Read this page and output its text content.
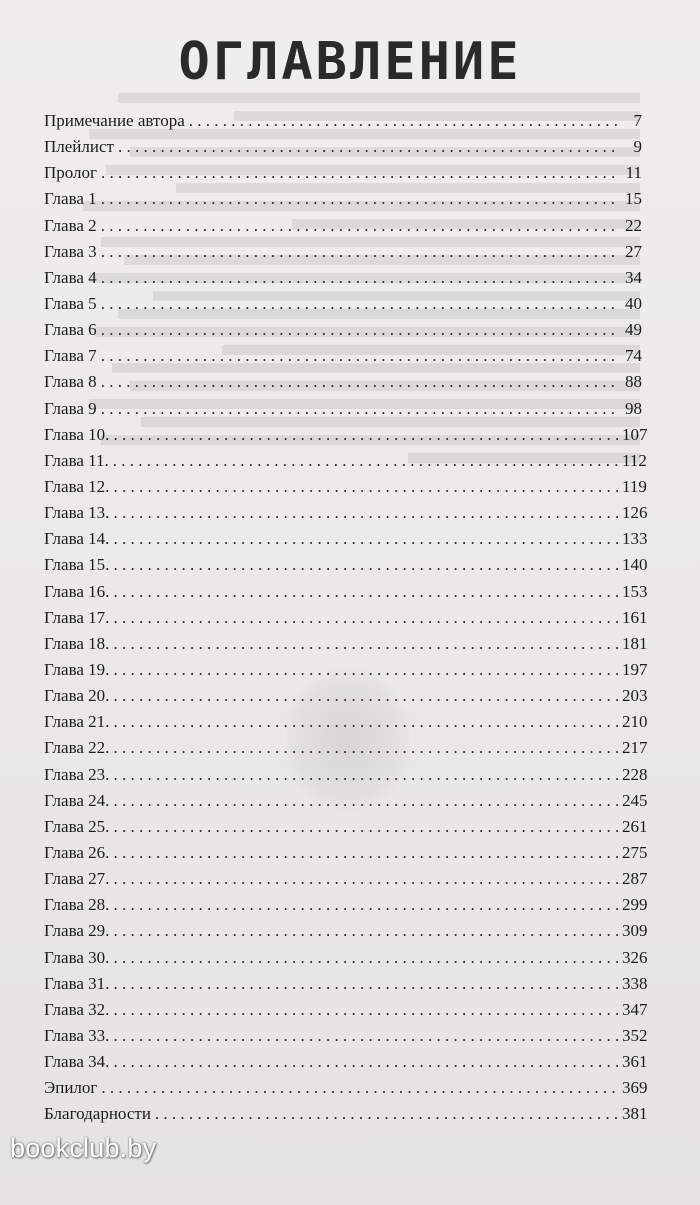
ОГЛАВЛЕНИЕ
Примечание автора . . .	7
Плейлист . . .	9
Пролог . . .	11
Глава 1 . . .	15
Глава 2 . . .	22
Глава 3 . . .	27
Глава 4 . . .	34
Глава 5 . . .	40
Глава 6 . . .	49
Глава 7 . . .	74
Глава 8 . . .	88
Глава 9 . . .	98
Глава 10. . . .	107
Глава 11. . . .	112
Глава 12. . . .	119
Глава 13. . . .	126
Глава 14. . . .	133
Глава 15. . . .	140
Глава 16. . . .	153
Глава 17. . . .	161
Глава 18. . . .	181
Глава 19. . . .	197
Глава 20. . . .	203
Глава 21. . . .	210
Глава 22. . . .	217
Глава 23. . . .	228
Глава 24. . . .	245
Глава 25. . . .	261
Глава 26. . . .	275
Глава 27. . . .	287
Глава 28. . . .	299
Глава 29. . . .	309
Глава 30. . . .	326
Глава 31. . . .	338
Глава 32. . . .	347
Глава 33. . . .	352
Глава 34. . . .	361
Эпилог . . .	369
Благодарности . . .	381
bookclub.by
